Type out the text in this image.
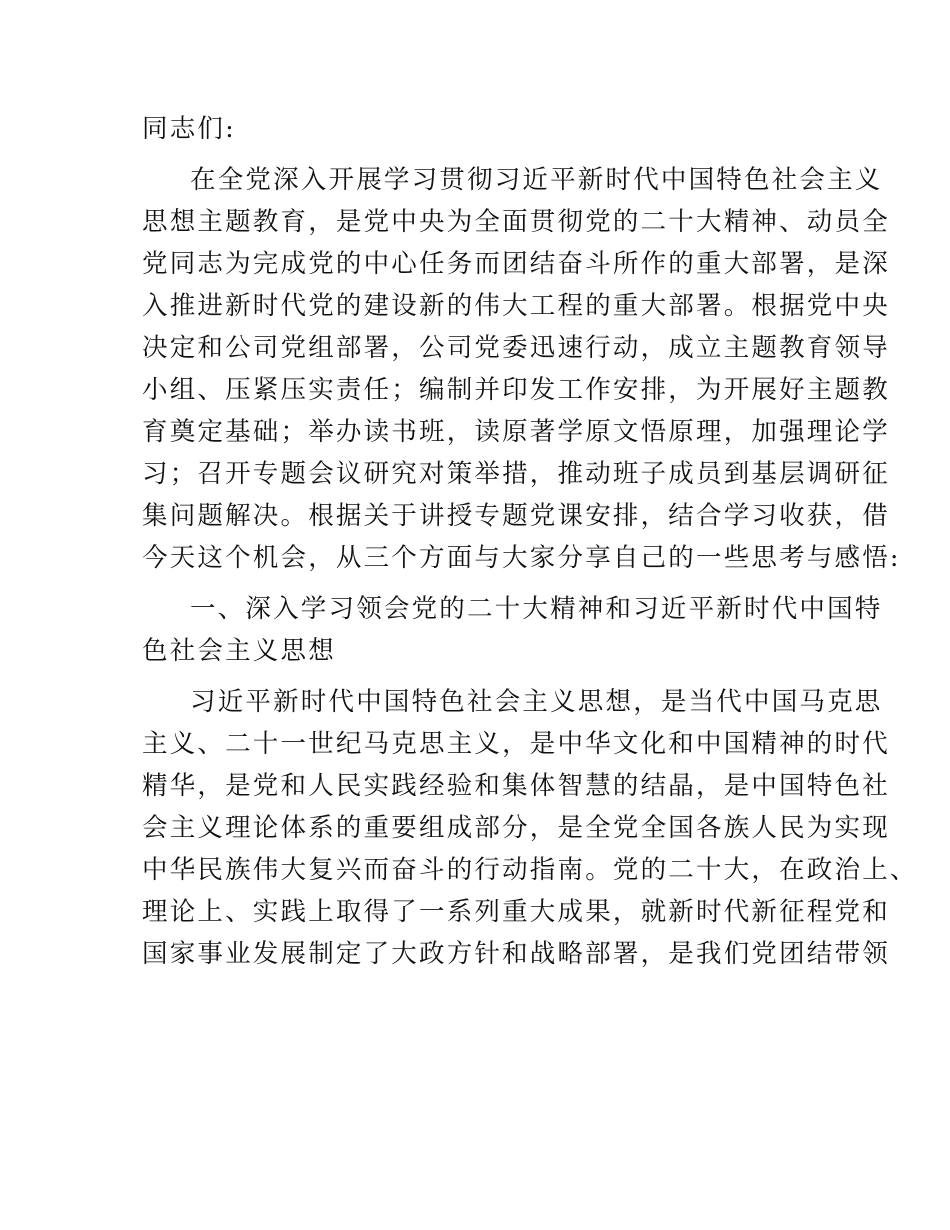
同志们:
在全党深入开展学习贯彻习近平新时代中国特色社会主义
思想主题教育，是党中央为全面贯彻党的二十大精神、动员全
党同志为完成党的中心任务而团结奋斗所作的重大部署，是深
入推进新时代党的建设新的伟大工程的重大部署。根据党中央
决定和公司党组部署，公司党委迅速行动，成立主题教育领导
小组、压紧压实责任；编制并印发工作安排，为开展好主题教
育奠定基础；举办读书班，读原著学原文悟原理，加强理论学
习；召开专题会议研究对策举措，推动班子成员到基层调研征
集问题解决。根据关于讲授专题党课安排，结合学习收获，借
今天这个机会，从三个方面与大家分享自己的一些思考与感悟:
一、深入学习领会党的二十大精神和习近平新时代中国特
色社会主义思想
习近平新时代中国特色社会主义思想，是当代中国马克思
主义、二十一世纪马克思主义，是中华文化和中国精神的时代
精华，是党和人民实践经验和集体智慧的结晶，是中国特色社
会主义理论体系的重要组成部分，是全党全国各族人民为实现
中华民族伟大复兴而奋斗的行动指南。党的二十大，在政治上、
理论上、实践上取得了一系列重大成果，就新时代新征程党和
国家事业发展制定了大政方针和战略部署，是我们党团结带领
